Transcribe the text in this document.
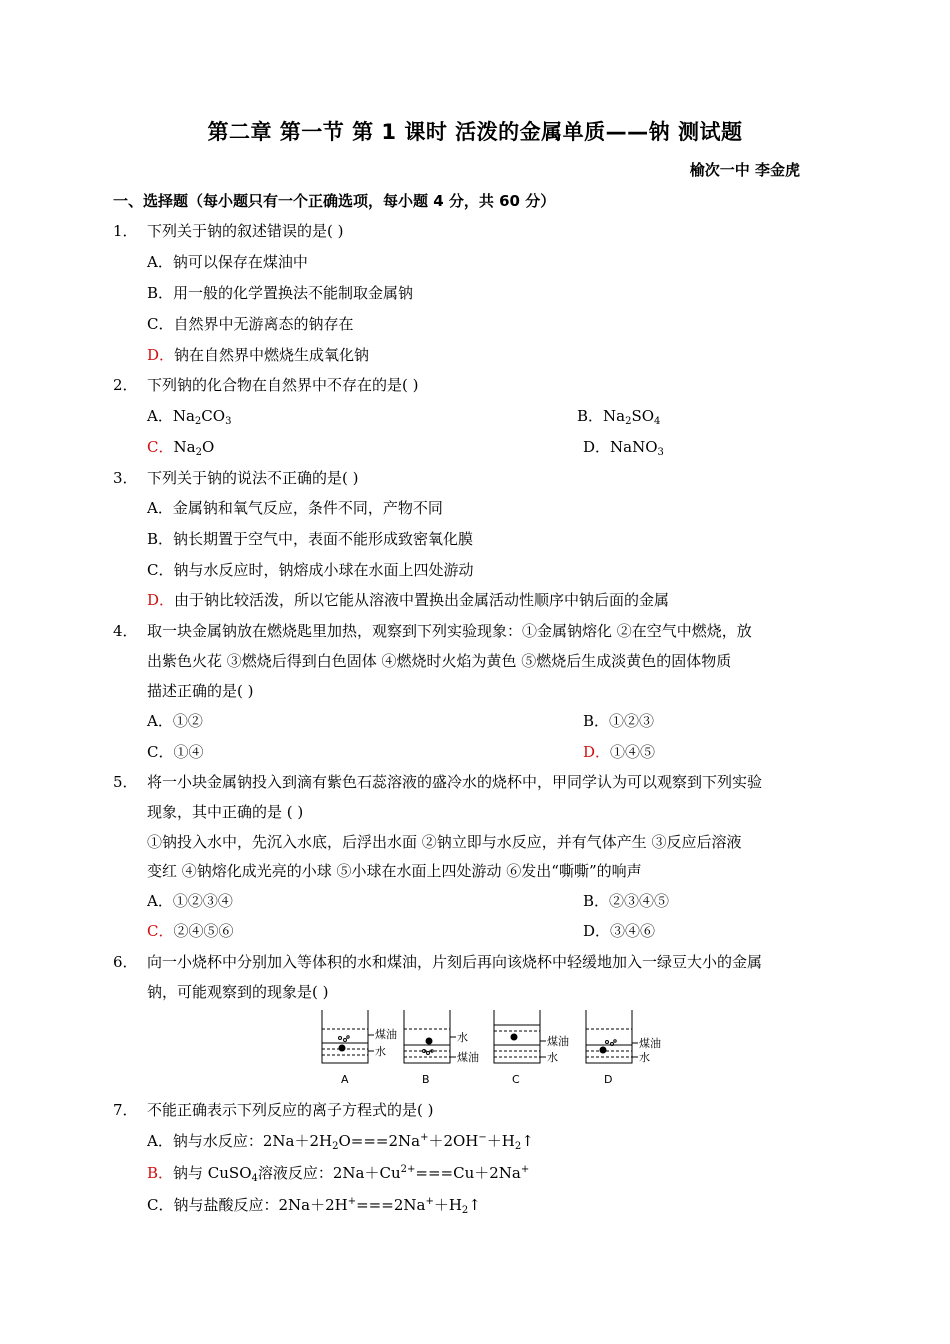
第二章 第一节 第 1 课时 活泼的金属单质——钠 测试题
榆次一中 李金虎
一、选择题（每小题只有一个正确选项，每小题 4 分，共 60 分）
1． 下列关于钠的叙述错误的是( )
A．钠可以保存在煤油中
B．用一般的化学置换法不能制取金属钠
C．自然界中无游离态的钠存在
D．钠在自然界中燃烧生成氧化钠
2． 下列钠的化合物在自然界中不存在的是( )
A．$Na_2CO_3$	B．$Na_2SO_4$
C．$Na_2O$	D．NaNO$_3$
3． 下列关于钠的说法不正确的是( )
A．金属钠和氧气反应，条件不同，产物不同
B．钠长期置于空气中，表面不能形成致密氧化膜
C．钠与水反应时，钠熔成小球在水面上四处游动
D．由于钠比较活泼，所以它能从溶液中置换出金属活动性顺序中钠后面的金属
4． 取一块金属钠放在燃烧匙里加热，观察到下列实验现象：①金属钠熔化 ②在空气中燃烧，放
出紫色火花 ③燃烧后得到白色固体 ④燃烧时火焰为黄色 ⑤燃烧后生成淡黄色的固体物质
描述正确的是( )
A．①②	B．①②③
C．①④	D．①④⑤
5． 将一小块金属钠投入到滴有紫色石蕊溶液的盛冷水的烧杯中，甲同学认为可以观察到下列实验
现象，其中正确的是 ( )
①钠投入水中，先沉入水底，后浮出水面 ②钠立即与水反应，并有气体产生 ③反应后溶液
变红 ④钠熔化成光亮的小球 ⑤小球在水面上四处游动 ⑥发出“嘶嘶”的响声
A．①②③④	B．②③④⑤
C．②④⑤⑥	D．③④⑥
6． 向一小烧杯中分别加入等体积的水和煤油，片刻后再向该烧杯中轻缓地加入一绿豆大小的金属
钠，可能观察到的现象是( )
煤油
水
水
煤油
煤油
水
煤油
水
A	B	C	D
7． 不能正确表示下列反应的离子方程式的是( )
A．钠与水反应：$2Na+2H_2O===2Na^++2OH^-+H_2↑$
B．钠与 CuSO$_4$溶液反应：$2Na+Cu^{2+}===Cu+2Na^+$
C．钠与盐酸反应：$2Na+2H^+===2Na^++H_2↑$
